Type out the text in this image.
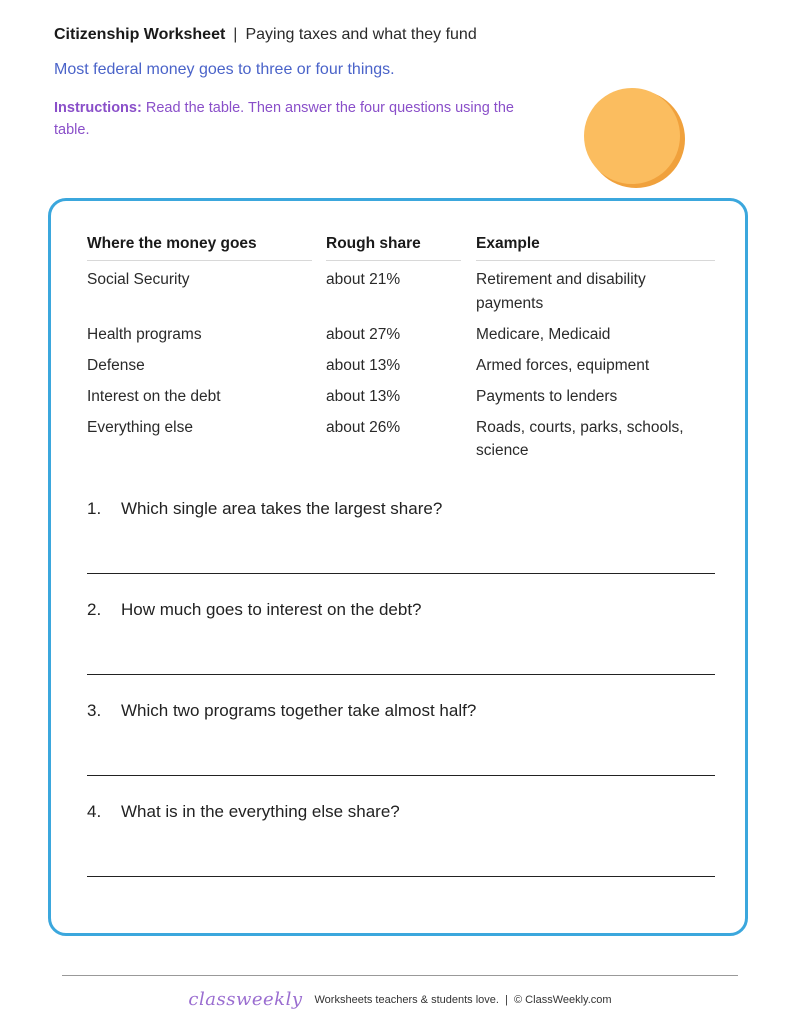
Citizenship Worksheet | Paying taxes and what they fund
Most federal money goes to three or four things.
Instructions: Read the table. Then answer the four questions using the table.
Where the money goes	Rough share	Example
Social Security	about 21%	Retirement and disability payments
Health programs	about 27%	Medicare, Medicaid
Defense	about 13%	Armed forces, equipment
Interest on the debt	about 13%	Payments to lenders
Everything else	about 26%	Roads, courts, parks, schools, science
1. Which single area takes the largest share?
2. How much goes to interest on the debt?
3. Which two programs together take almost half?
4. What is in the everything else share?
classweekly Worksheets teachers & students love.  |  © ClassWeekly.com
